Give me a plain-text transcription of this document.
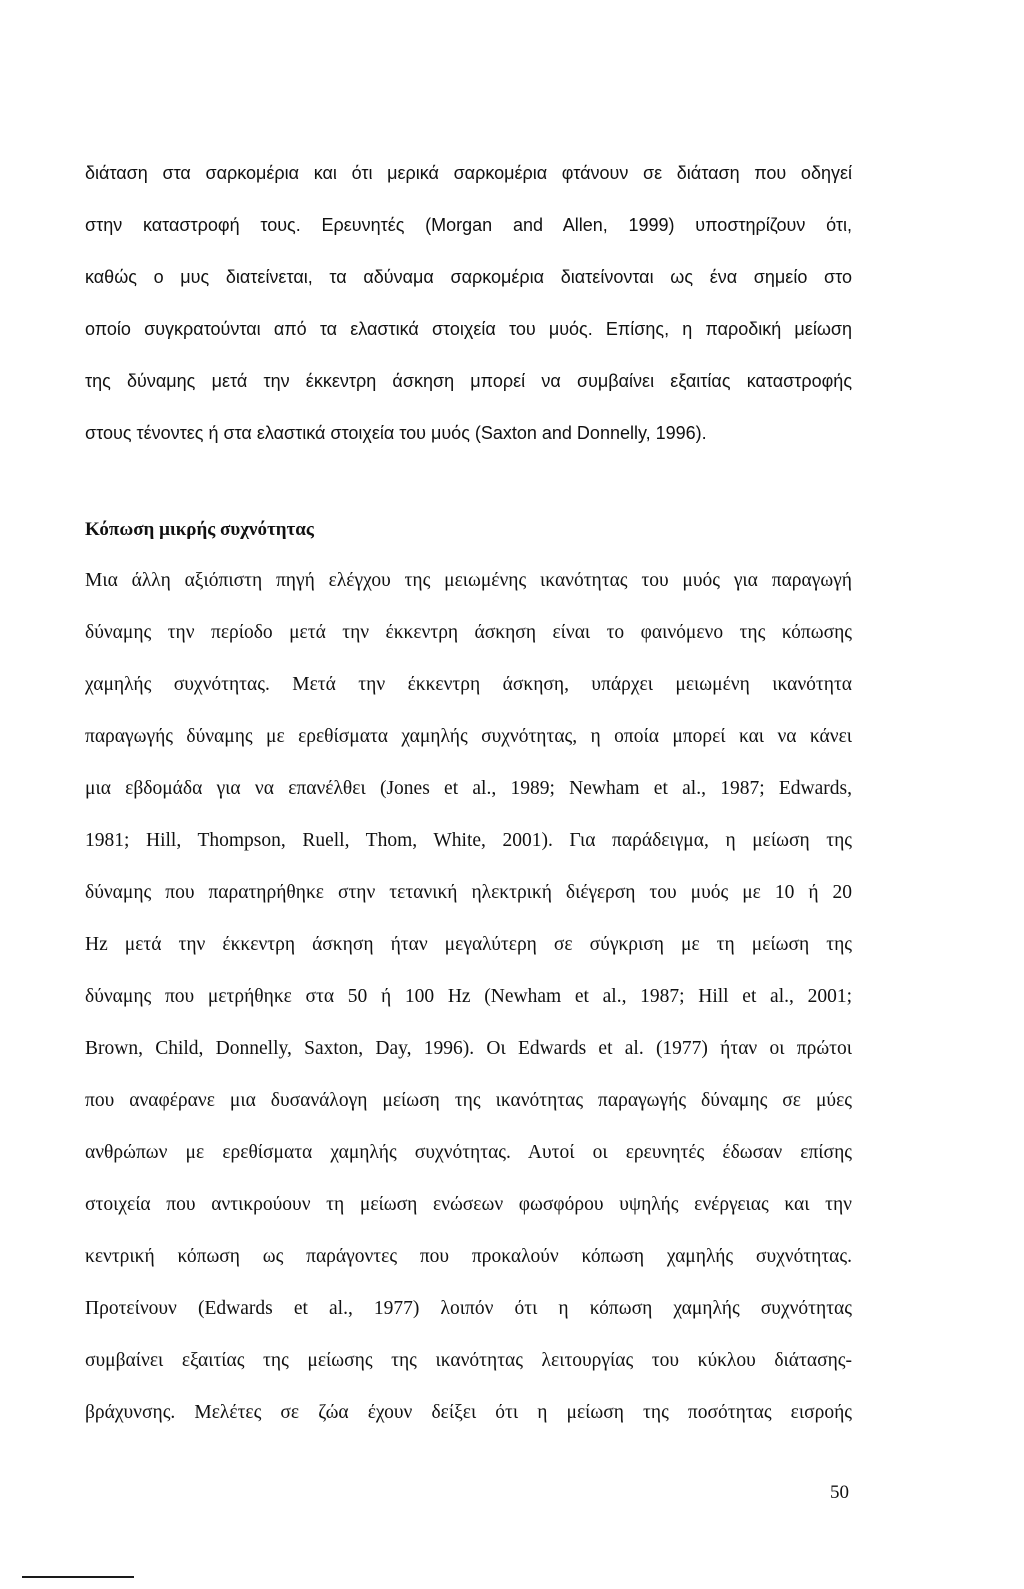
διάταση στα σαρκομέρια και ότι μερικά σαρκομέρια φτάνουν σε διάταση που οδηγεί
στην καταστροφή τους. Ερευνητές (Morgan and Allen, 1999) υποστηρίζουν ότι,
καθώς ο μυς διατείνεται, τα αδύναμα σαρκομέρια διατείνονται ως ένα σημείο στο
οποίο συγκρατούνται από τα ελαστικά στοιχεία του μυός. Επίσης, η παροδική μείωση
της δύναμης μετά την έκκεντρη άσκηση μπορεί να συμβαίνει εξαιτίας καταστροφής
στους τένοντες ή στα ελαστικά στοιχεία του μυός (Saxton and Donnelly, 1996).
Κόπωση μικρής συχνότητας
Μια άλλη αξιόπιστη πηγή ελέγχου της μειωμένης ικανότητας του μυός για παραγωγή
δύναμης την περίοδο μετά την έκκεντρη άσκηση είναι το φαινόμενο της κόπωσης
χαμηλής συχνότητας. Μετά την έκκεντρη άσκηση, υπάρχει μειωμένη ικανότητα
παραγωγής δύναμης με ερεθίσματα χαμηλής συχνότητας, η οποία μπορεί και να κάνει
μια εβδομάδα για να επανέλθει (Jones et al., 1989; Newham et al., 1987; Edwards,
1981; Hill, Thompson, Ruell, Thom, White, 2001). Για παράδειγμα, η μείωση της
δύναμης που παρατηρήθηκε στην τετανική ηλεκτρική διέγερση του μυός με 10 ή 20
Hz μετά την έκκεντρη άσκηση ήταν μεγαλύτερη σε σύγκριση με τη μείωση της
δύναμης που μετρήθηκε στα 50 ή 100 Hz (Newham et al., 1987; Hill et al., 2001;
Brown, Child, Donnelly, Saxton, Day, 1996). Οι Edwards et al. (1977) ήταν οι πρώτοι
που αναφέρανε μια δυσανάλογη μείωση της ικανότητας παραγωγής δύναμης σε μύες
ανθρώπων με ερεθίσματα χαμηλής συχνότητας. Αυτοί οι ερευνητές έδωσαν επίσης
στοιχεία που αντικρούουν τη μείωση ενώσεων φωσφόρου υψηλής ενέργειας και την
κεντρική κόπωση ως παράγοντες που προκαλούν κόπωση χαμηλής συχνότητας.
Προτείνουν (Edwards et al., 1977) λοιπόν ότι η κόπωση χαμηλής συχνότητας
συμβαίνει εξαιτίας της μείωσης της ικανότητας λειτουργίας του κύκλου διάτασης-
βράχυνσης. Μελέτες σε ζώα έχουν δείξει ότι η μείωση της ποσότητας εισροής
50
